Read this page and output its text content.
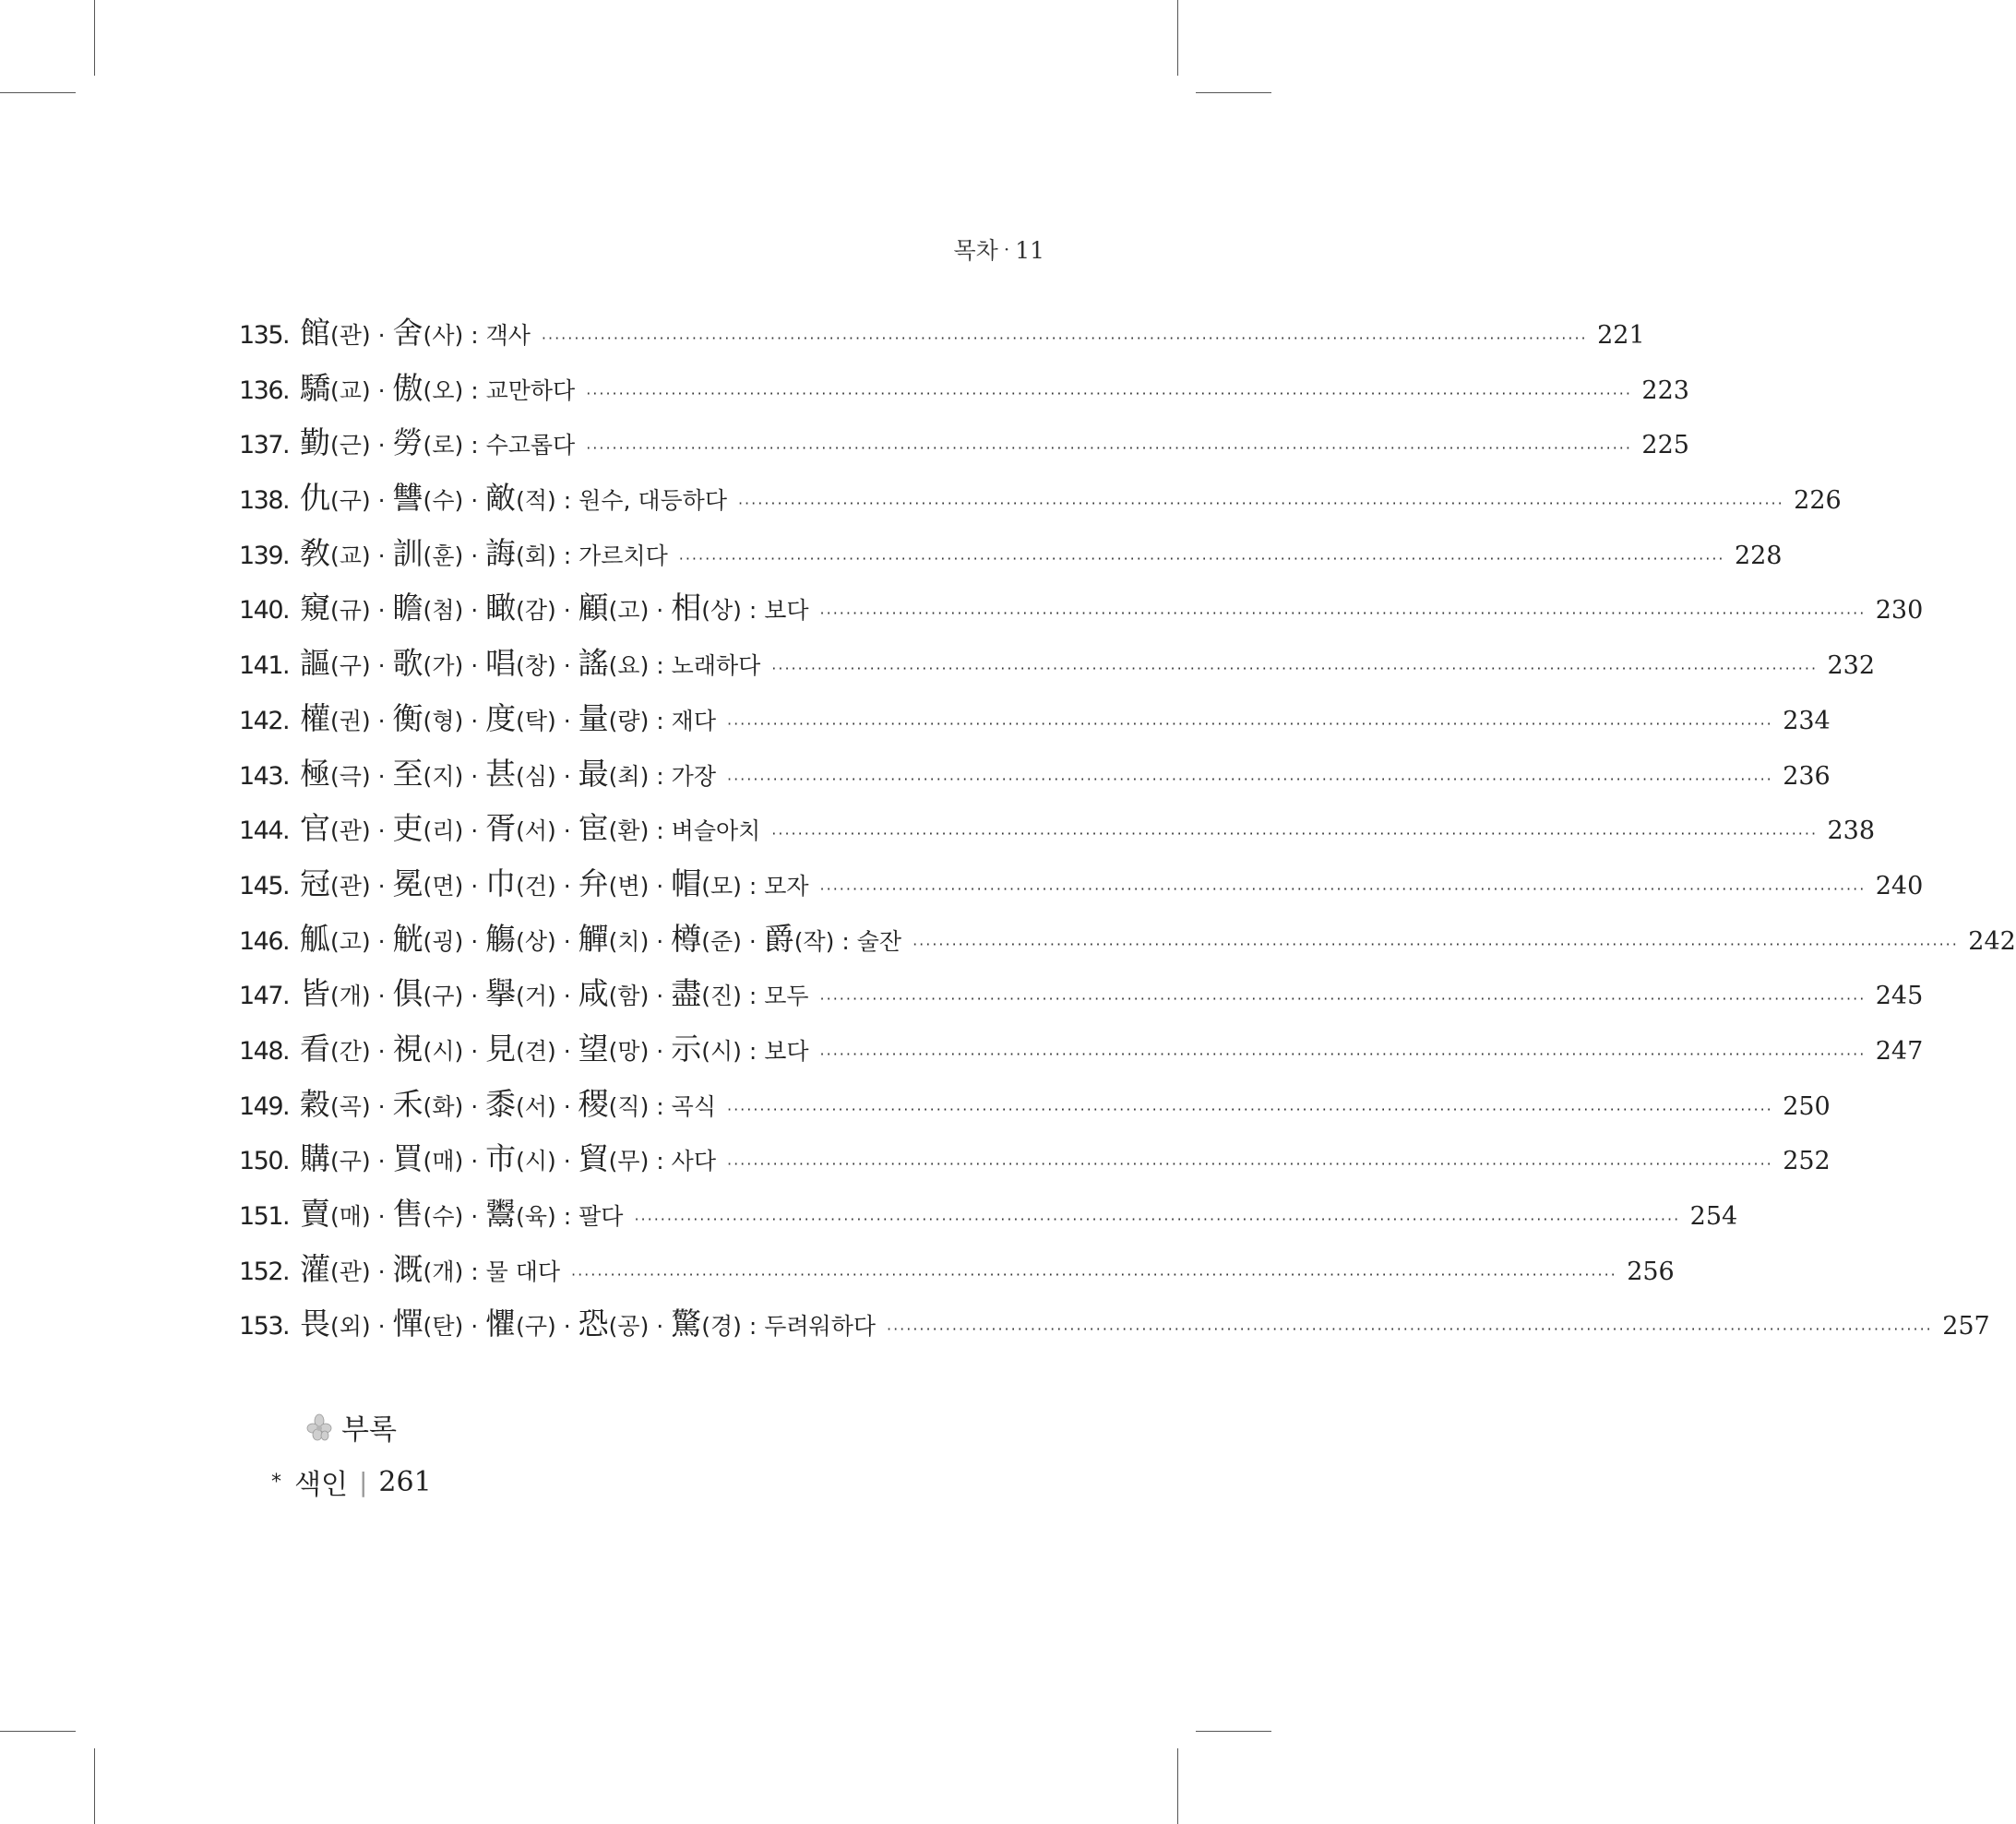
목차 · 11
135. 館(관) · 舍(사) : 객사 ································································································································································ 221
136. 驕(교) · 傲(오) : 교만하다 ································································································································································ 223
137. 勤(근) · 勞(로) : 수고롭다 ································································································································································ 225
138. 仇(구) · 讐(수) · 敵(적) : 원수, 대등하다 ································································································································································ 226
139. 敎(교) · 訓(훈) · 誨(회) : 가르치다 ································································································································································ 228
140. 窺(규) · 瞻(첨) · 瞰(감) · 顧(고) · 相(상) : 보다 ································································································································································ 230
141. 謳(구) · 歌(가) · 唱(창) · 謠(요) : 노래하다 ································································································································································ 232
142. 權(권) · 衡(형) · 度(탁) · 量(량) : 재다 ································································································································································ 234
143. 極(극) · 至(지) · 甚(심) · 最(최) : 가장 ································································································································································ 236
144. 官(관) · 吏(리) · 胥(서) · 宦(환) : 벼슬아치 ································································································································································ 238
145. 冠(관) · 冕(면) · 巾(건) · 弁(변) · 帽(모) : 모자 ································································································································································ 240
146. 觚(고) · 觥(굉) · 觴(상) · 觶(치) · 樽(준) · 爵(작) : 술잔 ································································································································································ 242
147. 皆(개) · 俱(구) · 擧(거) · 咸(함) · 盡(진) : 모두 ································································································································································ 245
148. 看(간) · 視(시) · 見(견) · 望(망) · 示(시) : 보다 ································································································································································ 247
149. 穀(곡) · 禾(화) · 黍(서) · 稷(직) : 곡식 ································································································································································ 250
150. 購(구) · 買(매) · 市(시) · 貿(무) : 사다 ································································································································································ 252
151. 賣(매) · 售(수) · 鬻(육) : 팔다 ································································································································································ 254
152. 灌(관) · 溉(개) : 물 대다 ································································································································································ 256
153. 畏(외) · 憚(탄) · 懼(구) · 恐(공) · 驚(경) : 두려워하다 ································································································································································ 257
부록
* 색인 | 261
